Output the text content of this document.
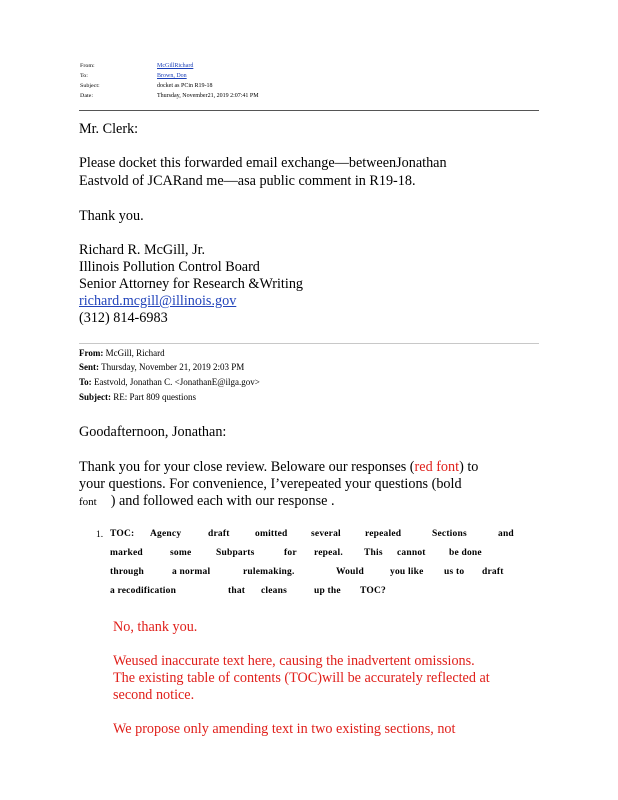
From:	McGillRichard
To:	Brown, Don
Subject:	docket as PCin R19-18
Date:	Thursday, November21, 2019 2:07:41 PM
Mr. Clerk:
Please docket this forwarded email exchange—betweenJonathan
Eastvold of JCARand me—asa public comment in R19-18.
Thank you.
Richard R. McGill, Jr.
Illinois Pollution Control Board
Senior Attorney for Research &Writing
richard.mcgill@illinois.gov
(312) 814-6983
From: McGill, Richard
Sent: Thursday, November 21, 2019 2:03 PM
To: Eastvold, Jonathan C. <JonathanE@ilga.gov>
Subject: RE: Part 809 questions
Goodafternoon, Jonathan:
Thank you for your close review. Beloware our responses (red font) to
your questions. For convenience, I’verepeated your questions (bold
font ) and followed each with our response .
1. TOC: Agency	draft	omitted several	repealed	Sections	and
marked	some	Subparts	for repeal. This cannot be done
through	a normal	rulemaking.	Would	you like us to draft
a recodification	that cleans	up the TOC?
No, thank you.
Weused inaccurate text here, causing the inadvertent omissions.
The existing table of contents (TOC)will be accurately reflected at
second notice.
We propose only amending text in two existing sections, not
